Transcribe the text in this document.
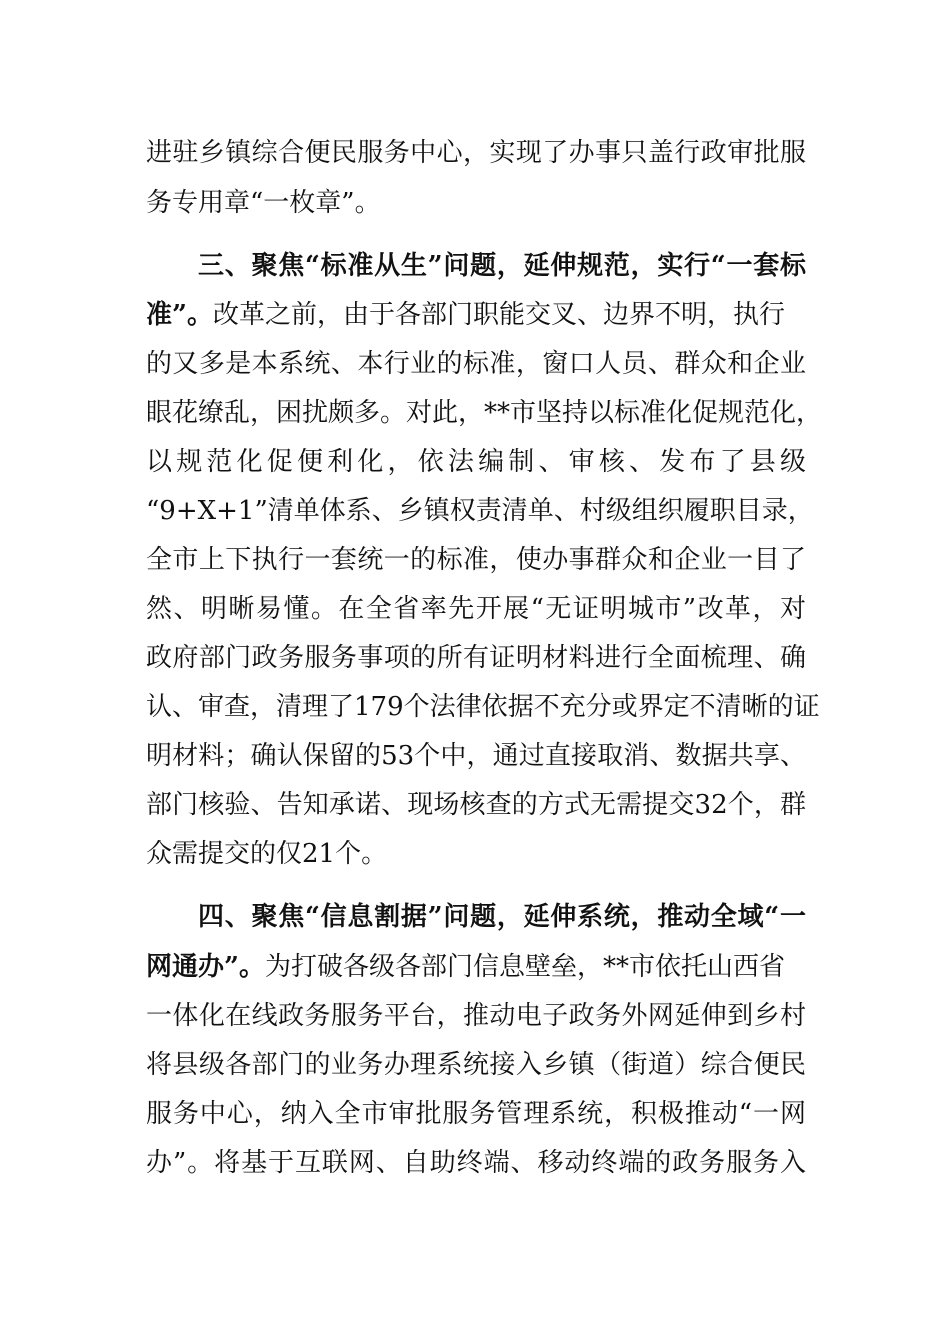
进驻乡镇综合便民服务中心，实现了办事只盖行政审批服
务专用章“一枚章”。
三、聚焦“标准从生”问题，延伸规范，实行“一套标
准”。改革之前，由于各部门职能交叉、边界不明，执行
的又多是本系统、本行业的标准，窗口人员、群众和企业
眼花缭乱，困扰颇多。对此，**市坚持以标准化促规范化，
以规范化促便利化，依法编制、审核、发布了县级
“9+X+1”清单体系、乡镇权责清单、村级组织履职目录，
全市上下执行一套统一的标准，使办事群众和企业一目了
然、明晰易懂。在全省率先开展“无证明城市”改革，对
政府部门政务服务事项的所有证明材料进行全面梳理、确
认、审查，清理了179个法律依据不充分或界定不清晰的证
明材料；确认保留的53个中，通过直接取消、数据共享、
部门核验、告知承诺、现场核查的方式无需提交32个，群
众需提交的仅21个。
四、聚焦“信息割据”问题，延伸系统，推动全域“一
网通办”。为打破各级各部门信息壁垒，**市依托山西省
一体化在线政务服务平台，推动电子政务外网延伸到乡村
将县级各部门的业务办理系统接入乡镇（街道）综合便民
服务中心，纳入全市审批服务管理系统，积极推动“一网
办”。将基于互联网、自助终端、移动终端的政务服务入
